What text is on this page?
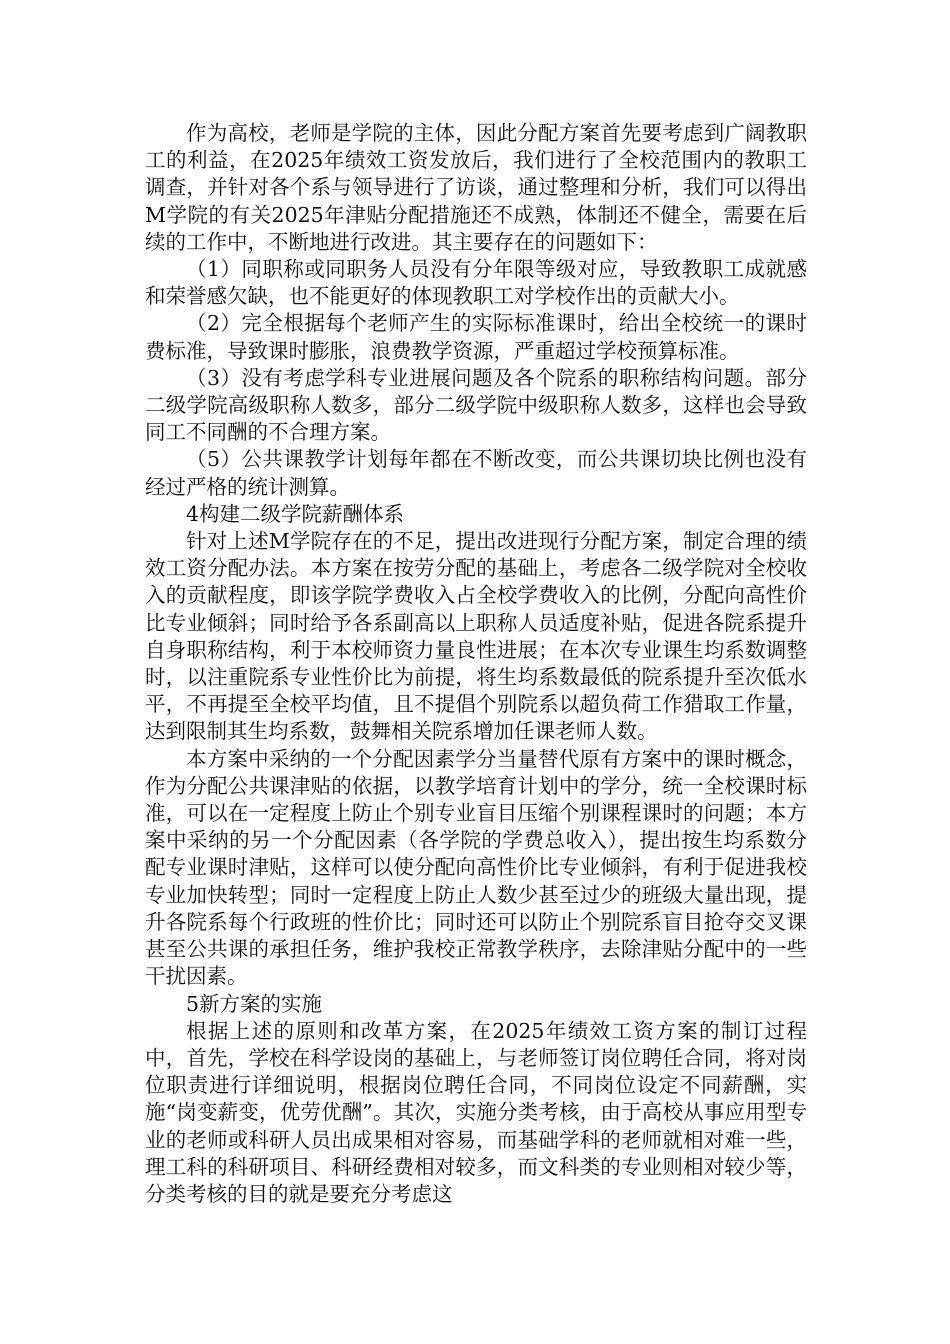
作为高校，老师是学院的主体，因此分配方案首先要考虑到广阔教职工的利益，在2025年绩效工资发放后，我们进行了全校范围内的教职工调查，并针对各个系与领导进行了访谈，通过整理和分析，我们可以得出M学院的有关2025年津贴分配措施还不成熟，体制还不健全，需要在后续的工作中，不断地进行改进。其主要存在的问题如下：

（1）同职称或同职务人员没有分年限等级对应，导致教职工成就感和荣誉感欠缺，也不能更好的体现教职工对学校作出的贡献大小。

（2）完全根据每个老师产生的实际标准课时，给出全校统一的课时费标准，导致课时膨胀，浪费教学资源，严重超过学校预算标准。

（3）没有考虑学科专业进展问题及各个院系的职称结构问题。部分二级学院高级职称人数多，部分二级学院中级职称人数多，这样也会导致同工不同酬的不合理方案。

（5）公共课教学计划每年都在不断改变，而公共课切块比例也没有经过严格的统计测算。

4构建二级学院薪酬体系

针对上述M学院存在的不足，提出改进现行分配方案，制定合理的绩效工资分配办法。本方案在按劳分配的基础上，考虑各二级学院对全校收入的贡献程度，即该学院学费收入占全校学费收入的比例，分配向高性价比专业倾斜；同时给予各系副高以上职称人员适度补贴，促进各院系提升自身职称结构，利于本校师资力量良性进展；在本次专业课生均系数调整时，以注重院系专业性价比为前提，将生均系数最低的院系提升至次低水平，不再提至全校平均值，且不提倡个别院系以超负荷工作猎取工作量，达到限制其生均系数，鼓舞相关院系增加任课老师人数。

本方案中采纳的一个分配因素学分当量替代原有方案中的课时概念，作为分配公共课津贴的依据，以教学培育计划中的学分，统一全校课时标准，可以在一定程度上防止个别专业盲目压缩个别课程课时的问题；本方案中采纳的另一个分配因素（各学院的学费总收入），提出按生均系数分配专业课时津贴，这样可以使分配向高性价比专业倾斜，有利于促进我校专业加快转型；同时一定程度上防止人数少甚至过少的班级大量出现，提升各院系每个行政班的性价比；同时还可以防止个别院系盲目抢夺交叉课甚至公共课的承担任务，维护我校正常教学秩序，去除津贴分配中的一些干扰因素。

5新方案的实施

根据上述的原则和改革方案，在2025年绩效工资方案的制订过程中，首先，学校在科学设岗的基础上，与老师签订岗位聘任合同，将对岗位职责进行详细说明，根据岗位聘任合同，不同岗位设定不同薪酬，实施“岗变薪变，优劳优酬”。其次，实施分类考核，由于高校从事应用型专业的老师或科研人员出成果相对容易，而基础学科的老师就相对难一些，理工科的科研项目、科研经费相对较多，而文科类的专业则相对较少等，分类考核的目的就是要充分考虑这
